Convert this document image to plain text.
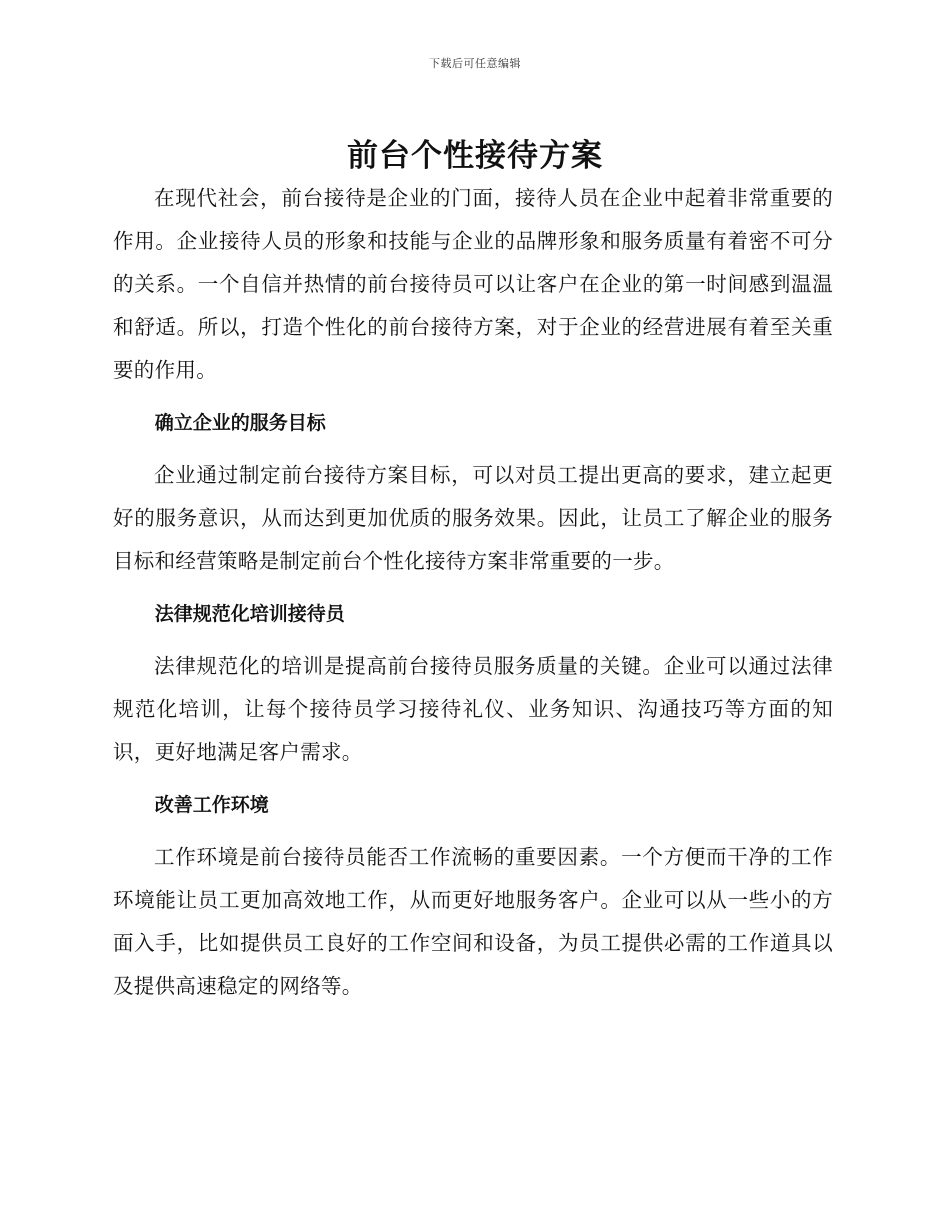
下载后可任意编辑
前台个性接待方案

在现代社会，前台接待是企业的门面，接待人员在企业中起着非常重要的作用。企业接待人员的形象和技能与企业的品牌形象和服务质量有着密不可分的关系。一个自信并热情的前台接待员可以让客户在企业的第一时间感到温温和舒适。所以，打造个性化的前台接待方案，对于企业的经营进展有着至关重要的作用。

确立企业的服务目标

企业通过制定前台接待方案目标，可以对员工提出更高的要求，建立起更好的服务意识，从而达到更加优质的服务效果。因此，让员工了解企业的服务目标和经营策略是制定前台个性化接待方案非常重要的一步。

法律规范化培训接待员

法律规范化的培训是提高前台接待员服务质量的关键。企业可以通过法律规范化培训，让每个接待员学习接待礼仪、业务知识、沟通技巧等方面的知识，更好地满足客户需求。

改善工作环境

工作环境是前台接待员能否工作流畅的重要因素。一个方便而干净的工作环境能让员工更加高效地工作，从而更好地服务客户。企业可以从一些小的方面入手，比如提供员工良好的工作空间和设备，为员工提供必需的工作道具以及提供高速稳定的网络等。
